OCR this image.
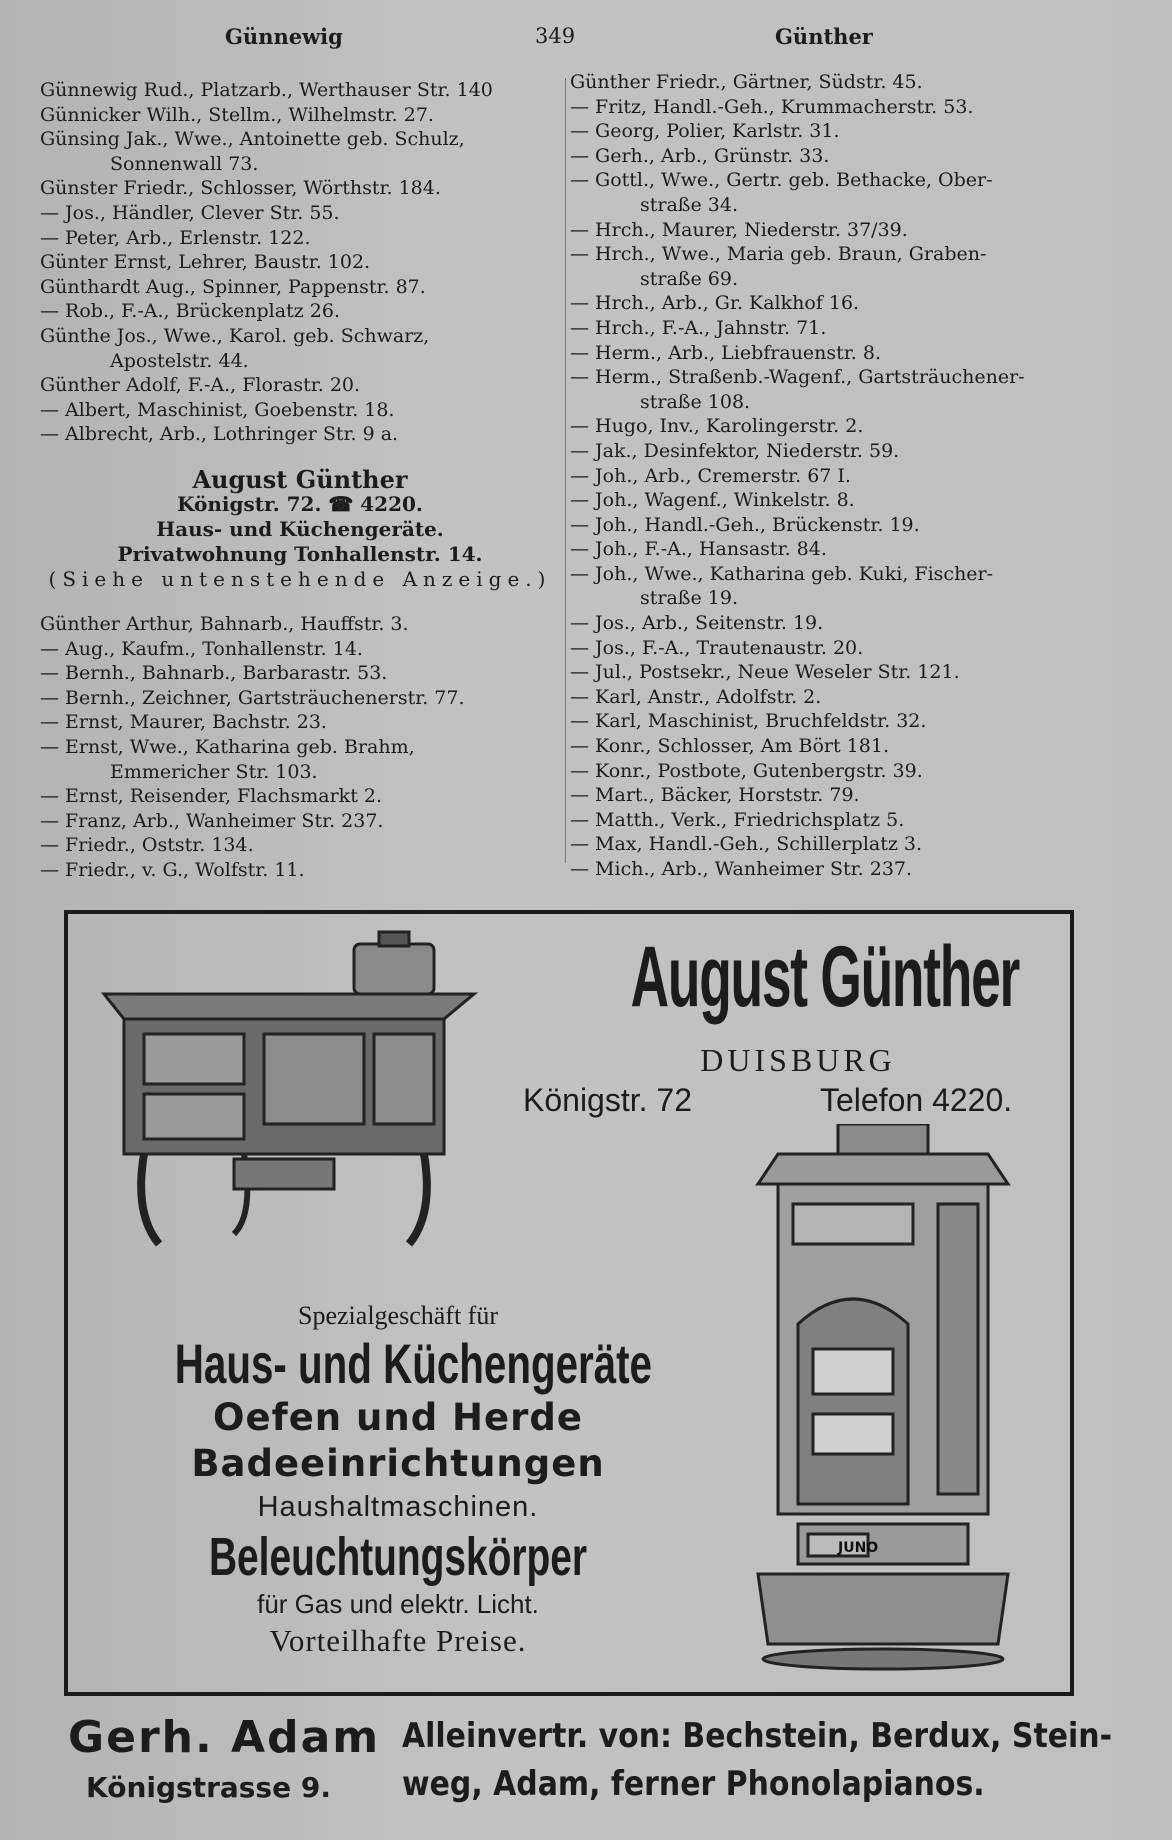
Günnewig	349	Günther
Günnewig Rud., Platzarb., Werthauser Str. 140
Günnicker Wilh., Stellm., Wilhelmstr. 27.
Günsing Jak., Wwe., Antoinette geb. Schulz,
Sonnenwall 73.
Günster Friedr., Schlosser, Wörthstr. 184.
— Jos., Händler, Clever Str. 55.
— Peter, Arb., Erlenstr. 122.
Günter Ernst, Lehrer, Baustr. 102.
Günthardt Aug., Spinner, Pappenstr. 87.
— Rob., F.-A., Brückenplatz 26.
Günthe Jos., Wwe., Karol. geb. Schwarz,
Apostelstr. 44.
Günther Adolf, F.-A., Florastr. 20.
— Albert, Maschinist, Goebenstr. 18.
— Albrecht, Arb., Lothringer Str. 9 a.
August Günther
Königstr. 72. ☎ 4220.
Haus- und Küchengeräte.
Privatwohnung Tonhallenstr. 14.
(Siehe untenstehende Anzeige.)
Günther Arthur, Bahnarb., Hauffstr. 3.
— Aug., Kaufm., Tonhallenstr. 14.
— Bernh., Bahnarb., Barbarastr. 53.
— Bernh., Zeichner, Gartsträuchenerstr. 77.
— Ernst, Maurer, Bachstr. 23.
— Ernst, Wwe., Katharina geb. Brahm,
Emmericher Str. 103.
— Ernst, Reisender, Flachsmarkt 2.
— Franz, Arb., Wanheimer Str. 237.
— Friedr., Oststr. 134.
— Friedr., v. G., Wolfstr. 11.
Günther Friedr., Gärtner, Südstr. 45.
— Fritz, Handl.-Geh., Krummacherstr. 53.
— Georg, Polier, Karlstr. 31.
— Gerh., Arb., Grünstr. 33.
— Gottl., Wwe., Gertr. geb. Bethacke, Ober-
straße 34.
— Hrch., Maurer, Niederstr. 37/39.
— Hrch., Wwe., Maria geb. Braun, Graben-
straße 69.
— Hrch., Arb., Gr. Kalkhof 16.
— Hrch., F.-A., Jahnstr. 71.
— Herm., Arb., Liebfrauenstr. 8.
— Herm., Straßenb.-Wagenf., Gartsträuchener-
straße 108.
— Hugo, Inv., Karolingerstr. 2.
— Jak., Desinfektor, Niederstr. 59.
— Joh., Arb., Cremerstr. 67 I.
— Joh., Wagenf., Winkelstr. 8.
— Joh., Handl.-Geh., Brückenstr. 19.
— Joh., F.-A., Hansastr. 84.
— Joh., Wwe., Katharina geb. Kuki, Fischer-
straße 19.
— Jos., Arb., Seitenstr. 19.
— Jos., F.-A., Trautenaustr. 20.
— Jul., Postsekr., Neue Weseler Str. 121.
— Karl, Anstr., Adolfstr. 2.
— Karl, Maschinist, Bruchfeldstr. 32.
— Konr., Schlosser, Am Bört 181.
— Konr., Postbote, Gutenbergstr. 39.
— Mart., Bäcker, Horststr. 79.
— Matth., Verk., Friedrichsplatz 5.
— Max, Handl.-Geh., Schillerplatz 3.
— Mich., Arb., Wanheimer Str. 237.
August Günther
DUISBURG
Königstr. 72	Telefon 4220.
JUNO
Spezialgeschäft für
Haus- und Küchengeräte
Oefen und Herde
Badeeinrichtungen
Haushaltmaschinen.
Beleuchtungskörper
für Gas und elektr. Licht.
Vorteilhafte Preise.
Gerh. Adam
Königstrasse 9.
Alleinvertr. von: Bechstein, Berdux, Stein-
weg, Adam, ferner Phonolapianos.
